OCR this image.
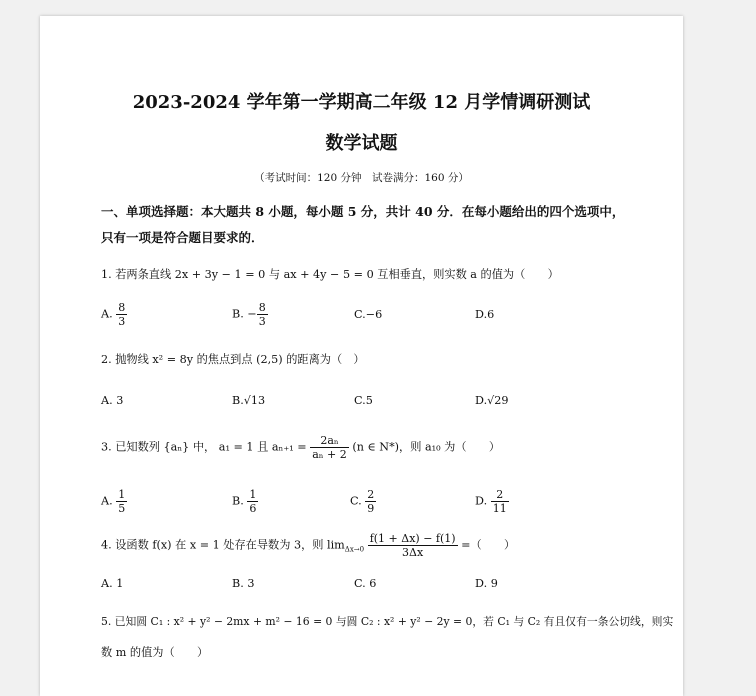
2023-2024 学年第一学期高二年级 12 月学情调研测试
数学试题
（考试时间：120 分钟　试卷满分：160 分）
一、单项选择题：本大题共 8 小题，每小题 5 分，共计 40 分．在每小题给出的四个选项中，
只有一项是符合题目要求的．
1. 若两条直线 2x + 3y − 1 = 0 与 ax + 4y − 5 = 0 互相垂直，则实数 a 的值为（　　）
A. $\frac{8}{3}$	B. − $\frac{8}{3}$	C.−6	D.6
2. 抛物线 x² = 8y 的焦点到点 (2,5) 的距离为（　）
A. 3	B.√13	C.5	D.√29
3. 已知数列 {aₙ} 中， a₁ = 1 且 $a_{n+1} = \frac{\text{2aₙ}}{\text{aₙ + 2}} (n$ ∈ N*)，则 a₁₀ 为（　　）
A. $\frac{1}{5}$	B. $\frac{1}{6}$	C. $\frac{2}{9}$	D. $\frac{2}{11}$
4. 设函数 f(x) 在 x = 1 处存在导数为 3，则 $\lim_{\Delta x\to 0} \frac{f(1 + \Delta x) - f(1)}{3\Delta x}$ =（　　）
A. 1	B. 3	C. 6	D. 9
5. 已知圆 C₁ : x² + y² − 2mx + m² − 16 = 0 与圆 C₂ : x² + y² − 2y = 0，若 C₁ 与 C₂ 有且仅有一条公切线，则实
数 m 的值为（　　）
